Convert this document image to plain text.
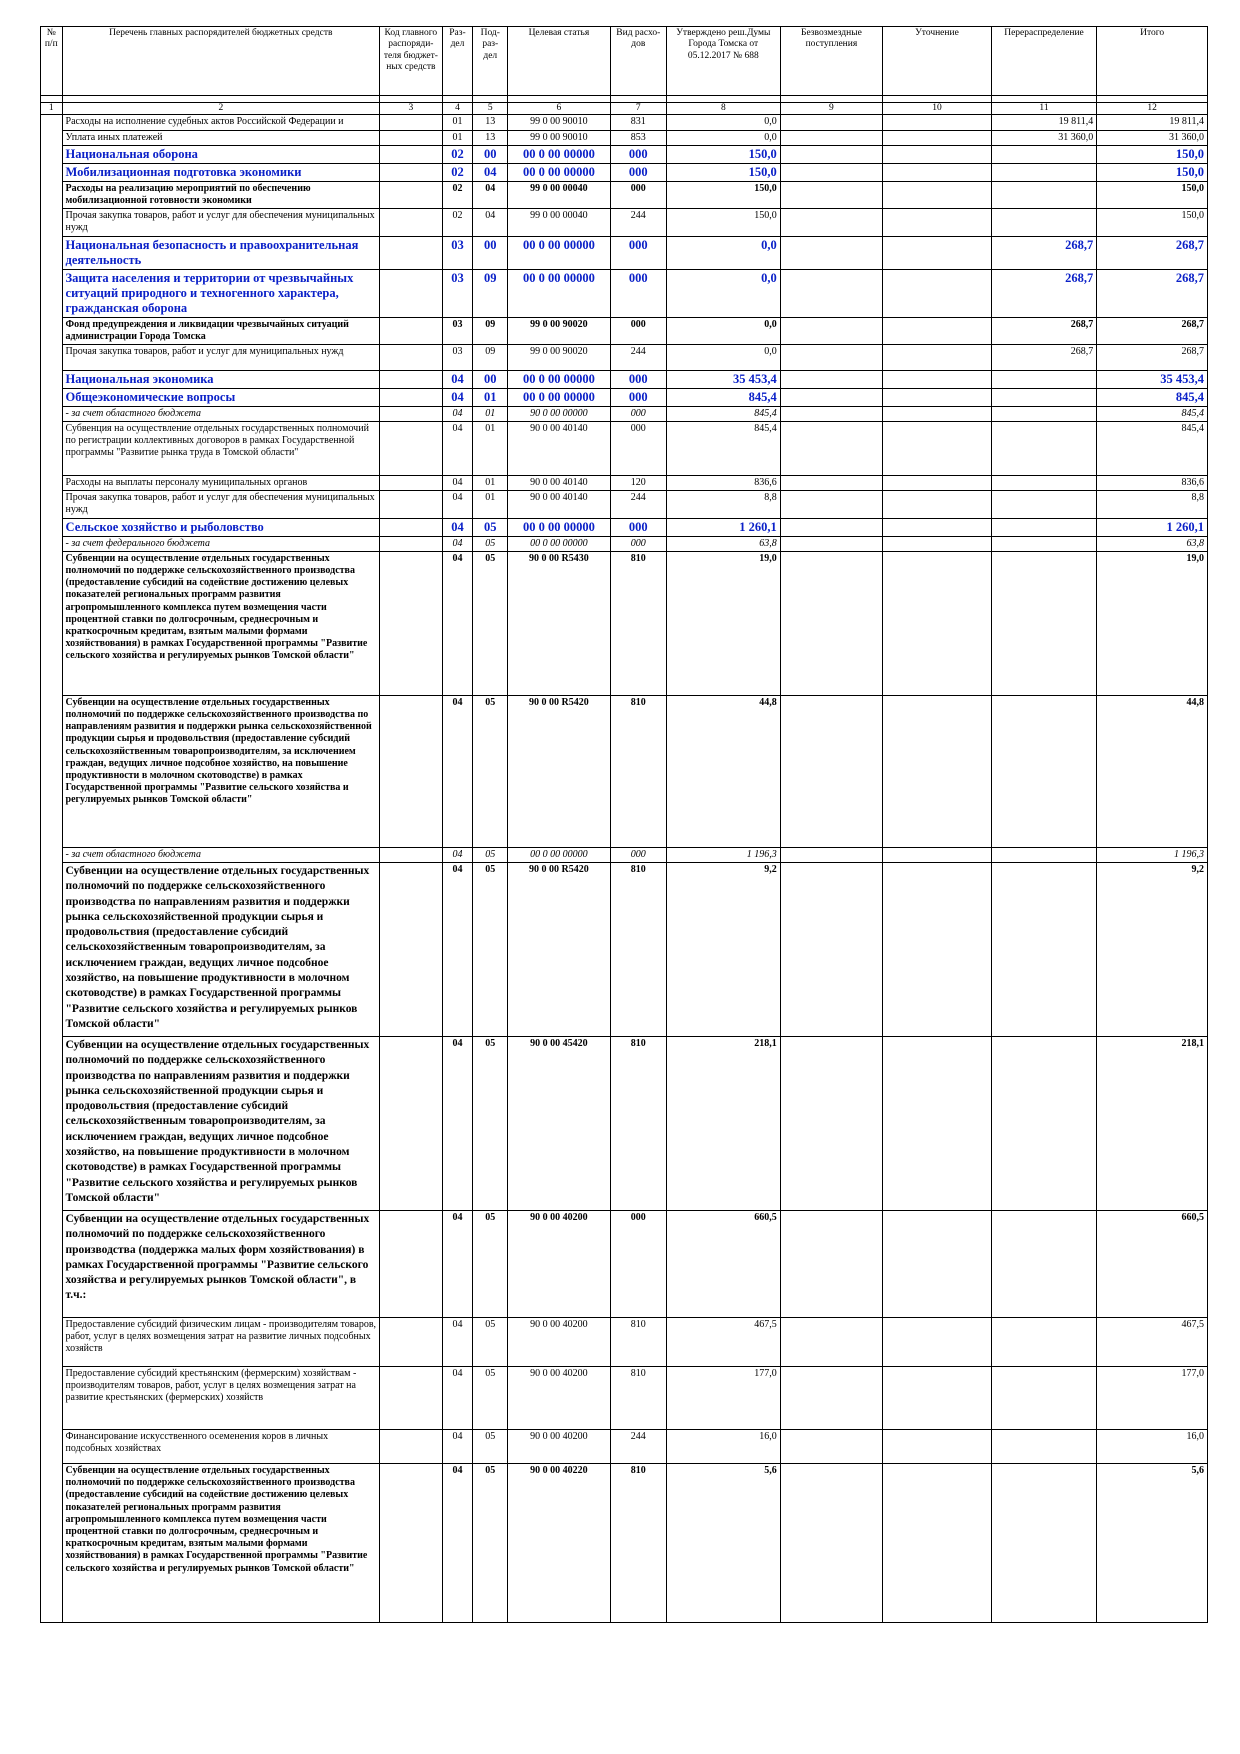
№ п/п	Перечень главных распорядителей бюджетных средств	Код главного распоряди-теля бюджет-ных средств	Раз-дел	Под-раз-дел	Целевая статья	Вид расхо-дов	Утверждено реш.Думы Города Томска от 05.12.2017 № 688	Безвозмездные поступления	Уточнение	Перераспределение	Итого

1	2	3	4	5	6	7	8	9	10	11	12
	Расходы на исполнение судебных актов Российской Федерации и		01	13	99 0 00 90010	831	0,0			19 811,4	19 811,4
	Уплата иных платежей		01	13	99 0 00 90010	853	0,0			31 360,0	31 360,0
	Национальная оборона		02	00	00 0 00 00000	000	150,0				150,0
	Мобилизационная подготовка экономики		02	04	00 0 00 00000	000	150,0				150,0
	Расходы на реализацию мероприятий по обеспечению мобилизационной готовности экономики		02	04	99 0 00 00040	000	150,0				150,0
	Прочая закупка товаров, работ и услуг для обеспечения муниципальных нужд		02	04	99 0 00 00040	244	150,0				150,0
	Национальная безопасность и правоохранительная деятельность		03	00	00 0 00 00000	000	0,0			268,7	268,7
	Защита населения и территории от чрезвычайных ситуаций природного и техногенного характера, гражданская оборона		03	09	00 0 00 00000	000	0,0			268,7	268,7
	Фонд предупреждения и ликвидации чрезвычайных ситуаций администрации Города Томска		03	09	99 0 00 90020	000	0,0			268,7	268,7
	Прочая закупка товаров, работ и услуг для муниципальных нужд		03	09	99 0 00 90020	244	0,0			268,7	268,7
	Национальная экономика		04	00	00 0 00 00000	000	35 453,4				35 453,4
	Общеэкономические вопросы		04	01	00 0 00 00000	000	845,4				845,4
	- за счет областного бюджета		04	01	90 0 00 00000	000	845,4				845,4
	Субвенция на осуществление отдельных государственных полномочий по регистрации коллективных договоров в рамках Государственной программы "Развитие рынка труда в Томской области"		04	01	90 0 00 40140	000	845,4				845,4
	Расходы на выплаты персоналу муниципальных органов		04	01	90 0 00 40140	120	836,6				836,6
	Прочая закупка товаров, работ и услуг для обеспечения муниципальных нужд		04	01	90 0 00 40140	244	8,8				8,8
	Сельское хозяйство и рыболовство		04	05	00 0 00 00000	000	1 260,1				1 260,1
	- за счет федерального бюджета		04	05	00 0 00 00000	000	63,8				63,8
	Субвенции на осуществление отдельных государственных полномочий по поддержке сельскохозяйственного производства (предоставление субсидий на содействие достижению целевых показателей региональных программ развития агропромышленного комплекса путем возмещения части процентной ставки по долгосрочным, среднесрочным и краткосрочным кредитам, взятым малыми формами хозяйствования) в рамках Государственной программы "Развитие сельского хозяйства и регулируемых рынков Томской области"		04	05	90 0 00 R5430	810	19,0				19,0
	Субвенции на осуществление отдельных государственных полномочий по поддержке сельскохозяйственного производства по направлениям развития и поддержки рынка сельскохозяйственной продукции сырья и продовольствия (предоставление субсидий сельскохозяйственным товаропроизводителям, за исключением граждан, ведущих личное подсобное хозяйство, на повышение продуктивности в молочном скотоводстве) в рамках Государственной программы "Развитие сельского хозяйства и регулируемых рынков Томской области"		04	05	90 0 00 R5420	810	44,8				44,8
	- за счет областного бюджета		04	05	00 0 00 00000	000	1 196,3				1 196,3
	Субвенции на осуществление отдельных государственных полномочий по поддержке сельскохозяйственного производства по направлениям развития и поддержки рынка сельскохозяйственной продукции сырья и продовольствия (предоставление субсидий сельскохозяйственным товаропроизводителям, за исключением граждан, ведущих личное подсобное хозяйство, на повышение продуктивности в молочном скотоводстве) в рамках Государственной программы "Развитие сельского хозяйства и регулируемых рынков Томской области"		04	05	90 0 00 R5420	810	9,2				9,2
	Субвенции на осуществление отдельных государственных полномочий по поддержке сельскохозяйственного производства по направлениям развития и поддержки рынка сельскохозяйственной продукции сырья и продовольствия (предоставление субсидий сельскохозяйственным товаропроизводителям, за исключением граждан, ведущих личное подсобное хозяйство, на повышение продуктивности в молочном скотоводстве) в рамках Государственной программы "Развитие сельского хозяйства и регулируемых рынков Томской области"		04	05	90 0 00 45420	810	218,1				218,1
	Субвенции на осуществление отдельных государственных полномочий по поддержке сельскохозяйственного производства (поддержка малых форм хозяйствования) в рамках Государственной программы "Развитие сельского хозяйства и регулируемых рынков Томской области", в т.ч.:		04	05	90 0 00 40200	000	660,5				660,5
	Предоставление субсидий физическим лицам - производителям товаров, работ, услуг в целях возмещения затрат на развитие личных подсобных хозяйств		04	05	90 0 00 40200	810	467,5				467,5
	Предоставление субсидий крестьянским (фермерским) хозяйствам - производителям товаров, работ, услуг в целях возмещения затрат на развитие крестьянских (фермерских) хозяйств		04	05	90 0 00 40200	810	177,0				177,0
	Финансирование искусственного осеменения коров в личных подсобных хозяйствах		04	05	90 0 00 40200	244	16,0				16,0
	Субвенции на осуществление отдельных государственных полномочий по поддержке сельскохозяйственного производства (предоставление субсидий на содействие достижению целевых показателей региональных программ развития агропромышленного комплекса путем возмещения части процентной ставки по долгосрочным, среднесрочным и краткосрочным кредитам, взятым малыми формами хозяйствования) в рамках Государственной программы "Развитие сельского хозяйства и регулируемых рынков Томской области"		04	05	90 0 00 40220	810	5,6				5,6
